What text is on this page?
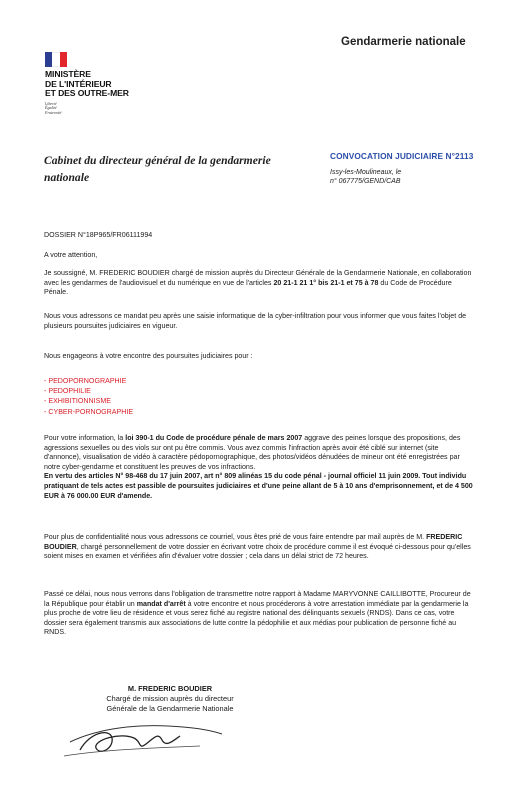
MINISTÈRE
DE L'INTÉRIEUR
ET DES OUTRE-MER
Liberté
Égalité
Fraternité
Gendarmerie nationale
Cabinet du directeur général de la gendarmerie
nationale
CONVOCATION JUDICIAIRE N°2113
Issy-les-Moulineaux, le
n° 067775/GEND/CAB
DOSSIER N°18P965/FR06111994
A votre attention,
Je soussigné, M. FREDERIC BOUDIER chargé de mission auprès du Directeur Générale de la Gendarmerie Nationale, en collaboration avec les gendarmes de l'audiovisuel et du numérique en vue de l'articles 20 21-1 21 1° bis 21-1 et 75 à 78 du Code de Procédure Pénale.
Nous vous adressons ce mandat peu après une saisie informatique de la cyber-infiltration pour vous informer que vous faites l'objet de plusieurs poursuites judiciaires en vigueur.
Nous engageons à votre encontre des poursuites judiciaires pour :
- PEDOPORNOGRAPHIE
- PEDOPHILIE
- EXHIBITIONNISME
- CYBER-PORNOGRAPHIE
Pour votre information, la loi 390-1 du Code de procédure pénale de mars 2007 aggrave des peines lorsque des propositions, des agressions sexuelles ou des viols sur ont pu être commis. Vous avez commis l'infraction après avoir été ciblé sur internet (site d'annonce), visualisation de vidéo à caractère pédopornographique, des photos/vidéos dénudées de mineur ont été enregistrées par notre cyber-gendarme et constituent les preuves de vos infractions.
En vertu des articles N° 98-468 du 17 juin 2007, art n° 809 alinéas 15 du code pénal - journal officiel 11 juin 2009. Tout individu pratiquant de tels actes est passible de poursuites judiciaires et d'une peine allant de 5 à 10 ans d'emprisonnement, et de 4 500 EUR à 76 000.00 EUR d'amende.
Pour plus de confidentialité nous vous adressons ce courriel, vous êtes prié de vous faire entendre par mail auprès de M. FREDERIC BOUDIER, chargé personnellement de votre dossier en écrivant votre choix de procédure comme il est évoqué ci-dessous pour qu'elles soient mises en examen et vérifiées afin d'évaluer votre dossier ; cela dans un délai strict de 72 heures.
Passé ce délai, nous nous verrons dans l'obligation de transmettre notre rapport à Madame MARYVONNE CAILLIBOTTE, Procureur de la République pour établir un mandat d'arrêt à votre encontre et nous procéderons à votre arrestation immédiate par la gendarmerie la plus proche de votre lieu de résidence et vous serez fiché au registre national des délinquants sexuels (RNDS). Dans ce cas, votre dossier sera également transmis aux associations de lutte contre la pédophilie et aux médias pour publication de personne fiché au RNDS.
M. FREDERIC BOUDIER
Chargé de mission auprès du directeur
Générale de la Gendarmerie Nationale
